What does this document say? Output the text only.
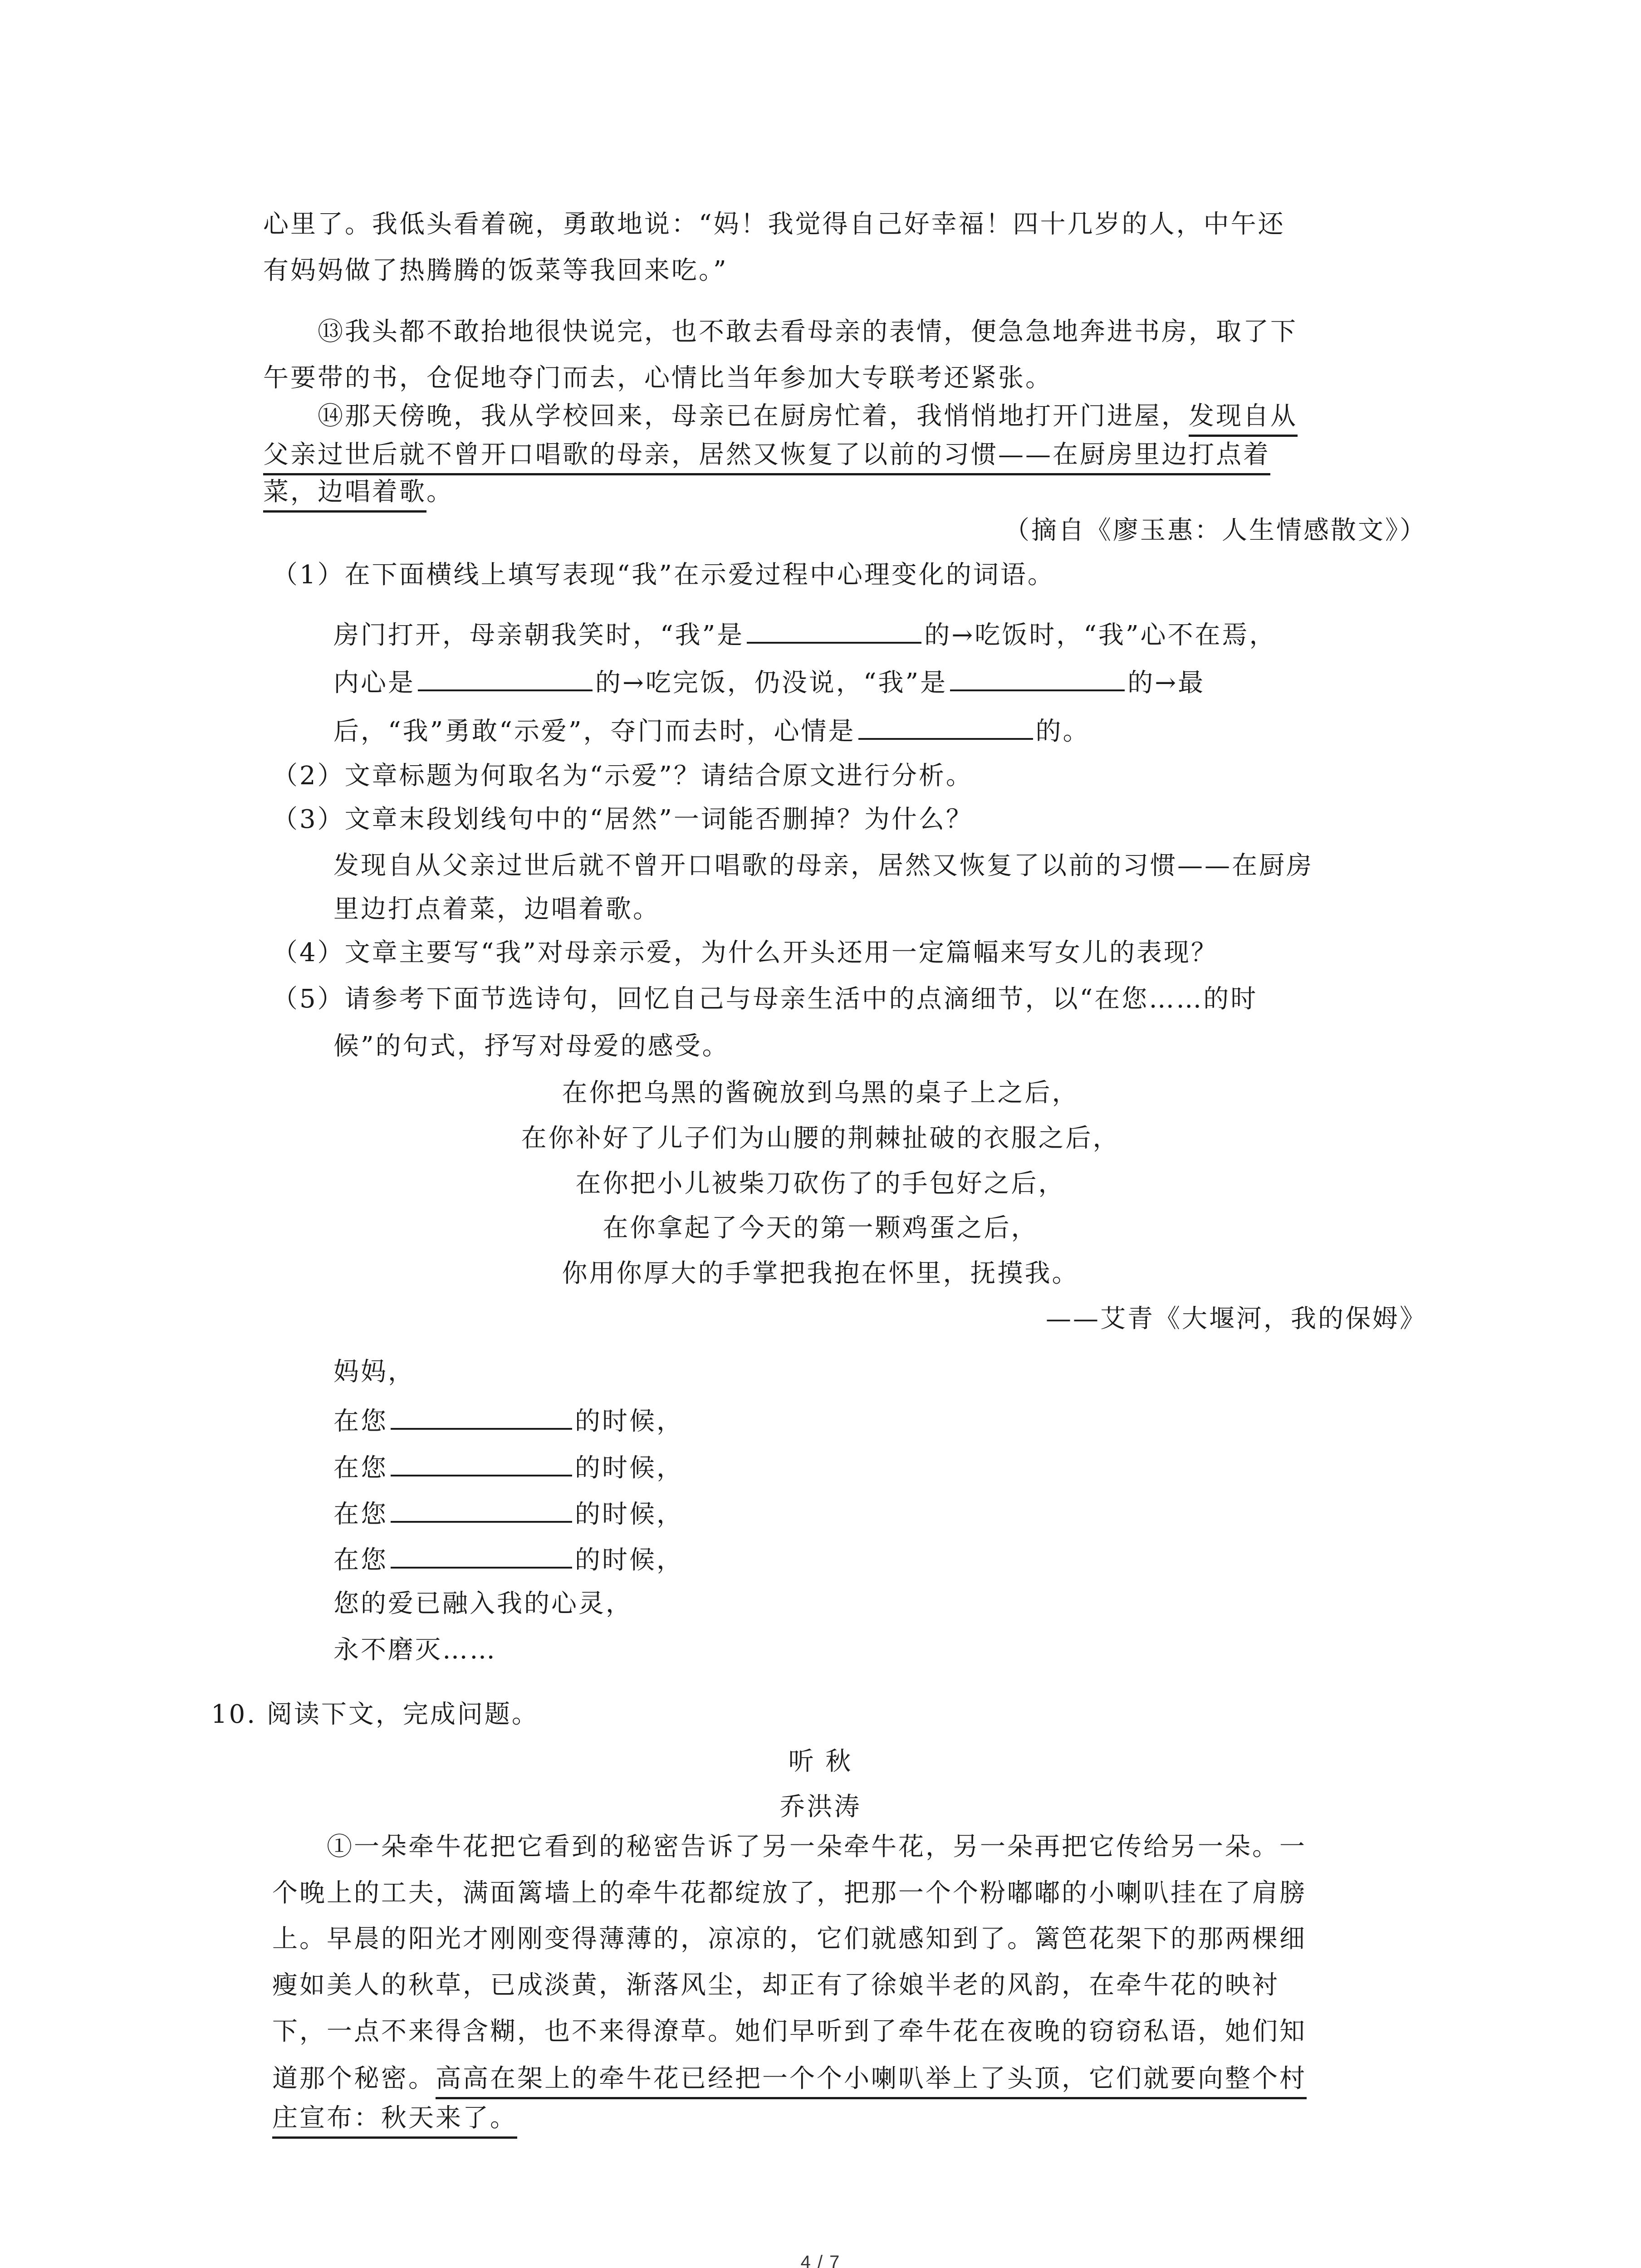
心里了。我低头看着碗，勇敢地说：“妈！我觉得自己好幸福！四十几岁的人，中午还
有妈妈做了热腾腾的饭菜等我回来吃。”
⑬我头都不敢抬地很快说完，也不敢去看母亲的表情，便急急地奔进书房，取了下
午要带的书，仓促地夺门而去，心情比当年参加大专联考还紧张。
⑭那天傍晚，我从学校回来，母亲已在厨房忙着，我悄悄地打开门进屋，发现自从
父亲过世后就不曾开口唱歌的母亲，居然又恢复了以前的习惯——在厨房里边打点着
菜，边唱着歌。
（摘自《廖玉惠：人生情感散文》）
（1）在下面横线上填写表现“我”在示爱过程中心理变化的词语。
房门打开，母亲朝我笑时，“我”是	的→吃饭时，“我”心不在焉，
内心是	的→吃完饭，仍没说，“我”是	的→最
后，“我”勇敢“示爱”，夺门而去时，心情是	的。
（2）文章标题为何取名为“示爱”？请结合原文进行分析。
（3）文章末段划线句中的“居然”一词能否删掉？为什么？
发现自从父亲过世后就不曾开口唱歌的母亲，居然又恢复了以前的习惯——在厨房
里边打点着菜，边唱着歌。
（4）文章主要写“我”对母亲示爱，为什么开头还用一定篇幅来写女儿的表现？
（5）请参考下面节选诗句，回忆自己与母亲生活中的点滴细节，以“在您……的时
候”的句式，抒写对母爱的感受。
在你把乌黑的酱碗放到乌黑的桌子上之后，
在你补好了儿子们为山腰的荆棘扯破的衣服之后，
在你把小儿被柴刀砍伤了的手包好之后，
在你拿起了今天的第一颗鸡蛋之后，
你用你厚大的手掌把我抱在怀里，抚摸我。
——艾青《大堰河，我的保姆》
妈妈，
在您	的时候，
在您	的时候，
在您	的时候，
在您	的时候，
您的爱已融入我的心灵，
永不磨灭……
10. 阅读下文，完成问题。
听 秋
乔洪涛
①一朵牵牛花把它看到的秘密告诉了另一朵牵牛花，另一朵再把它传给另一朵。一
个晚上的工夫，满面篱墙上的牵牛花都绽放了，把那一个个粉嘟嘟的小喇叭挂在了肩膀
上。早晨的阳光才刚刚变得薄薄的，凉凉的，它们就感知到了。篱笆花架下的那两棵细
瘦如美人的秋草，已成淡黄，渐落风尘，却正有了徐娘半老的风韵，在牵牛花的映衬
下，一点不来得含糊，也不来得潦草。她们早听到了牵牛花在夜晚的窃窃私语，她们知
道那个秘密。高高在架上的牵牛花已经把一个个小喇叭举上了头顶，它们就要向整个村
庄宣布：秋天来了。
4 / 7
